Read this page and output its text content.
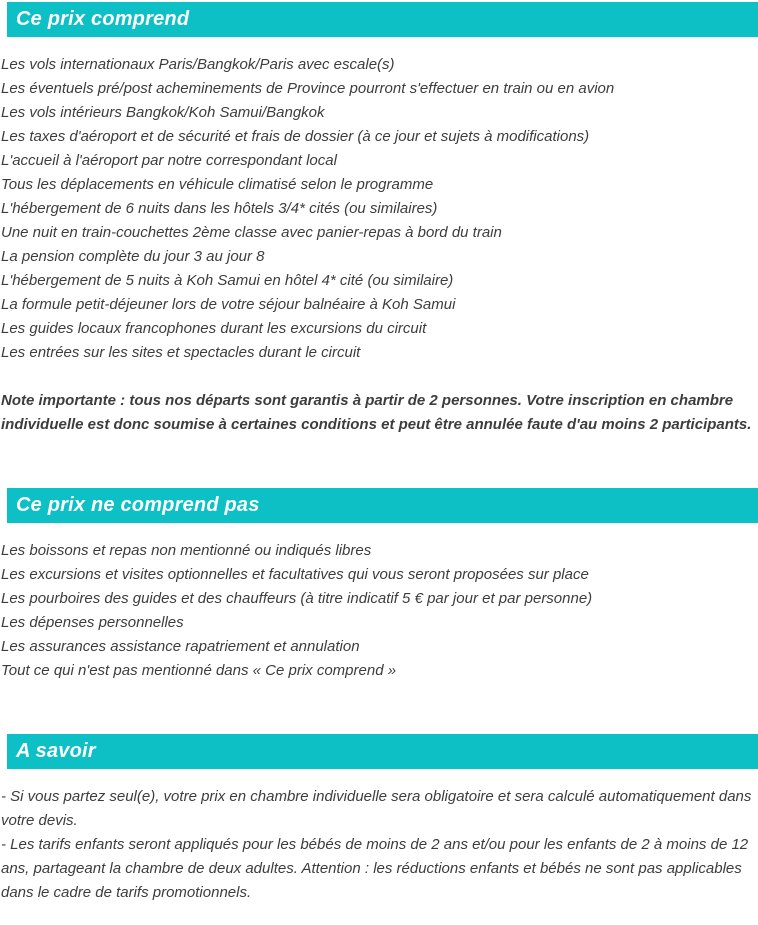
Ce prix comprend

Les vols internationaux Paris/Bangkok/Paris avec escale(s)

Les éventuels pré/post acheminements de Province pourront s'effectuer en train ou en avion

Les vols intérieurs Bangkok/Koh Samui/Bangkok

Les taxes d'aéroport et de sécurité et frais de dossier (à ce jour et sujets à modifications)

L'accueil à l'aéroport par notre correspondant local

Tous les déplacements en véhicule climatisé selon le programme

L'hébergement de 6 nuits dans les hôtels 3/4* cités (ou similaires)

Une nuit en train-couchettes 2ème classe avec panier-repas à bord du train

La pension complète du jour 3 au jour 8

L'hébergement de 5 nuits à Koh Samui en hôtel 4* cité (ou similaire)

La formule petit-déjeuner lors de votre séjour balnéaire à Koh Samui

Les guides locaux francophones durant les excursions du circuit

Les entrées sur les sites et spectacles durant le circuit

Note importante : tous nos départs sont garantis à partir de 2 personnes. Votre inscription en chambre individuelle est donc soumise à certaines conditions et peut être annulée faute d'au moins 2 participants.

Ce prix ne comprend pas

Les boissons et repas non mentionné ou indiqués libres

Les excursions et visites optionnelles et facultatives qui vous seront proposées sur place

Les pourboires des guides et des chauffeurs (à titre indicatif 5 € par jour et par personne)

Les dépenses personnelles

Les assurances assistance rapatriement et annulation

Tout ce qui n'est pas mentionné dans « Ce prix comprend »

A savoir

- Si vous partez seul(e), votre prix en chambre individuelle sera obligatoire et sera calculé automatiquement dans votre devis.

- Les tarifs enfants seront appliqués pour les bébés de moins de 2 ans et/ou pour les enfants de 2 à moins de 12 ans, partageant la chambre de deux adultes. Attention : les réductions enfants et bébés ne sont pas applicables dans le cadre de tarifs promotionnels.
